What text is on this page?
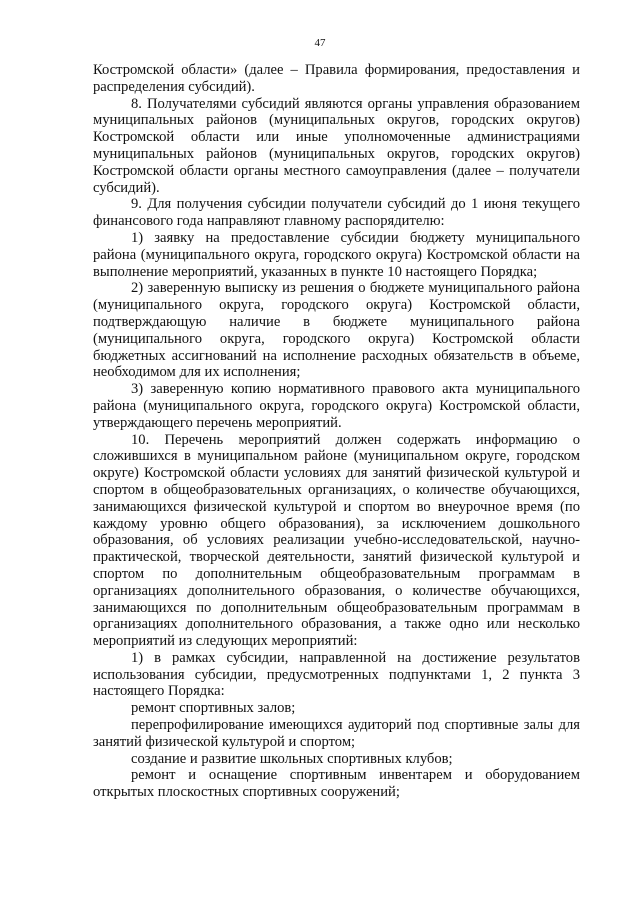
47

Костромской области» (далее – Правила формирования, предоставления и распределения субсидий).

8. Получателями субсидий являются органы управления образованием муниципальных районов (муниципальных округов, городских округов) Костромской области или иные уполномоченные администрациями муниципальных районов (муниципальных округов, городских округов) Костромской области органы местного самоуправления (далее – получатели субсидий).

9. Для получения субсидии получатели субсидий до 1 июня текущего финансового года направляют главному распорядителю:

1) заявку на предоставление субсидии бюджету муниципального района (муниципального округа, городского округа) Костромской области на выполнение мероприятий, указанных в пункте 10 настоящего Порядка;

2) заверенную выписку из решения о бюджете муниципального района (муниципального округа, городского округа) Костромской области, подтверждающую наличие в бюджете муниципального района (муниципального округа, городского округа) Костромской области бюджетных ассигнований на исполнение расходных обязательств в объеме, необходимом для их исполнения;

3) заверенную копию нормативного правового акта муниципального района (муниципального округа, городского округа) Костромской области, утверждающего перечень мероприятий.

10. Перечень мероприятий должен содержать информацию о сложившихся в муниципальном районе (муниципальном округе, городском округе) Костромской области условиях для занятий физической культурой и спортом в общеобразовательных организациях, о количестве обучающихся, занимающихся физической культурой и спортом во внеурочное время (по каждому уровню общего образования), за исключением дошкольного образования, об условиях реализации учебно-исследовательской, научно-практической, творческой деятельности, занятий физической культурой и спортом по дополнительным общеобразовательным программам в организациях дополнительного образования, о количестве обучающихся, занимающихся по дополнительным общеобразовательным программам в организациях дополнительного образования, а также одно или несколько мероприятий из следующих мероприятий:

1) в рамках субсидии, направленной на достижение результатов использования субсидии, предусмотренных подпунктами 1, 2 пункта 3 настоящего Порядка:

ремонт спортивных залов;

перепрофилирование имеющихся аудиторий под спортивные залы для занятий физической культурой и спортом;

создание и развитие школьных спортивных клубов;

ремонт и оснащение спортивным инвентарем и оборудованием открытых плоскостных спортивных сооружений;
